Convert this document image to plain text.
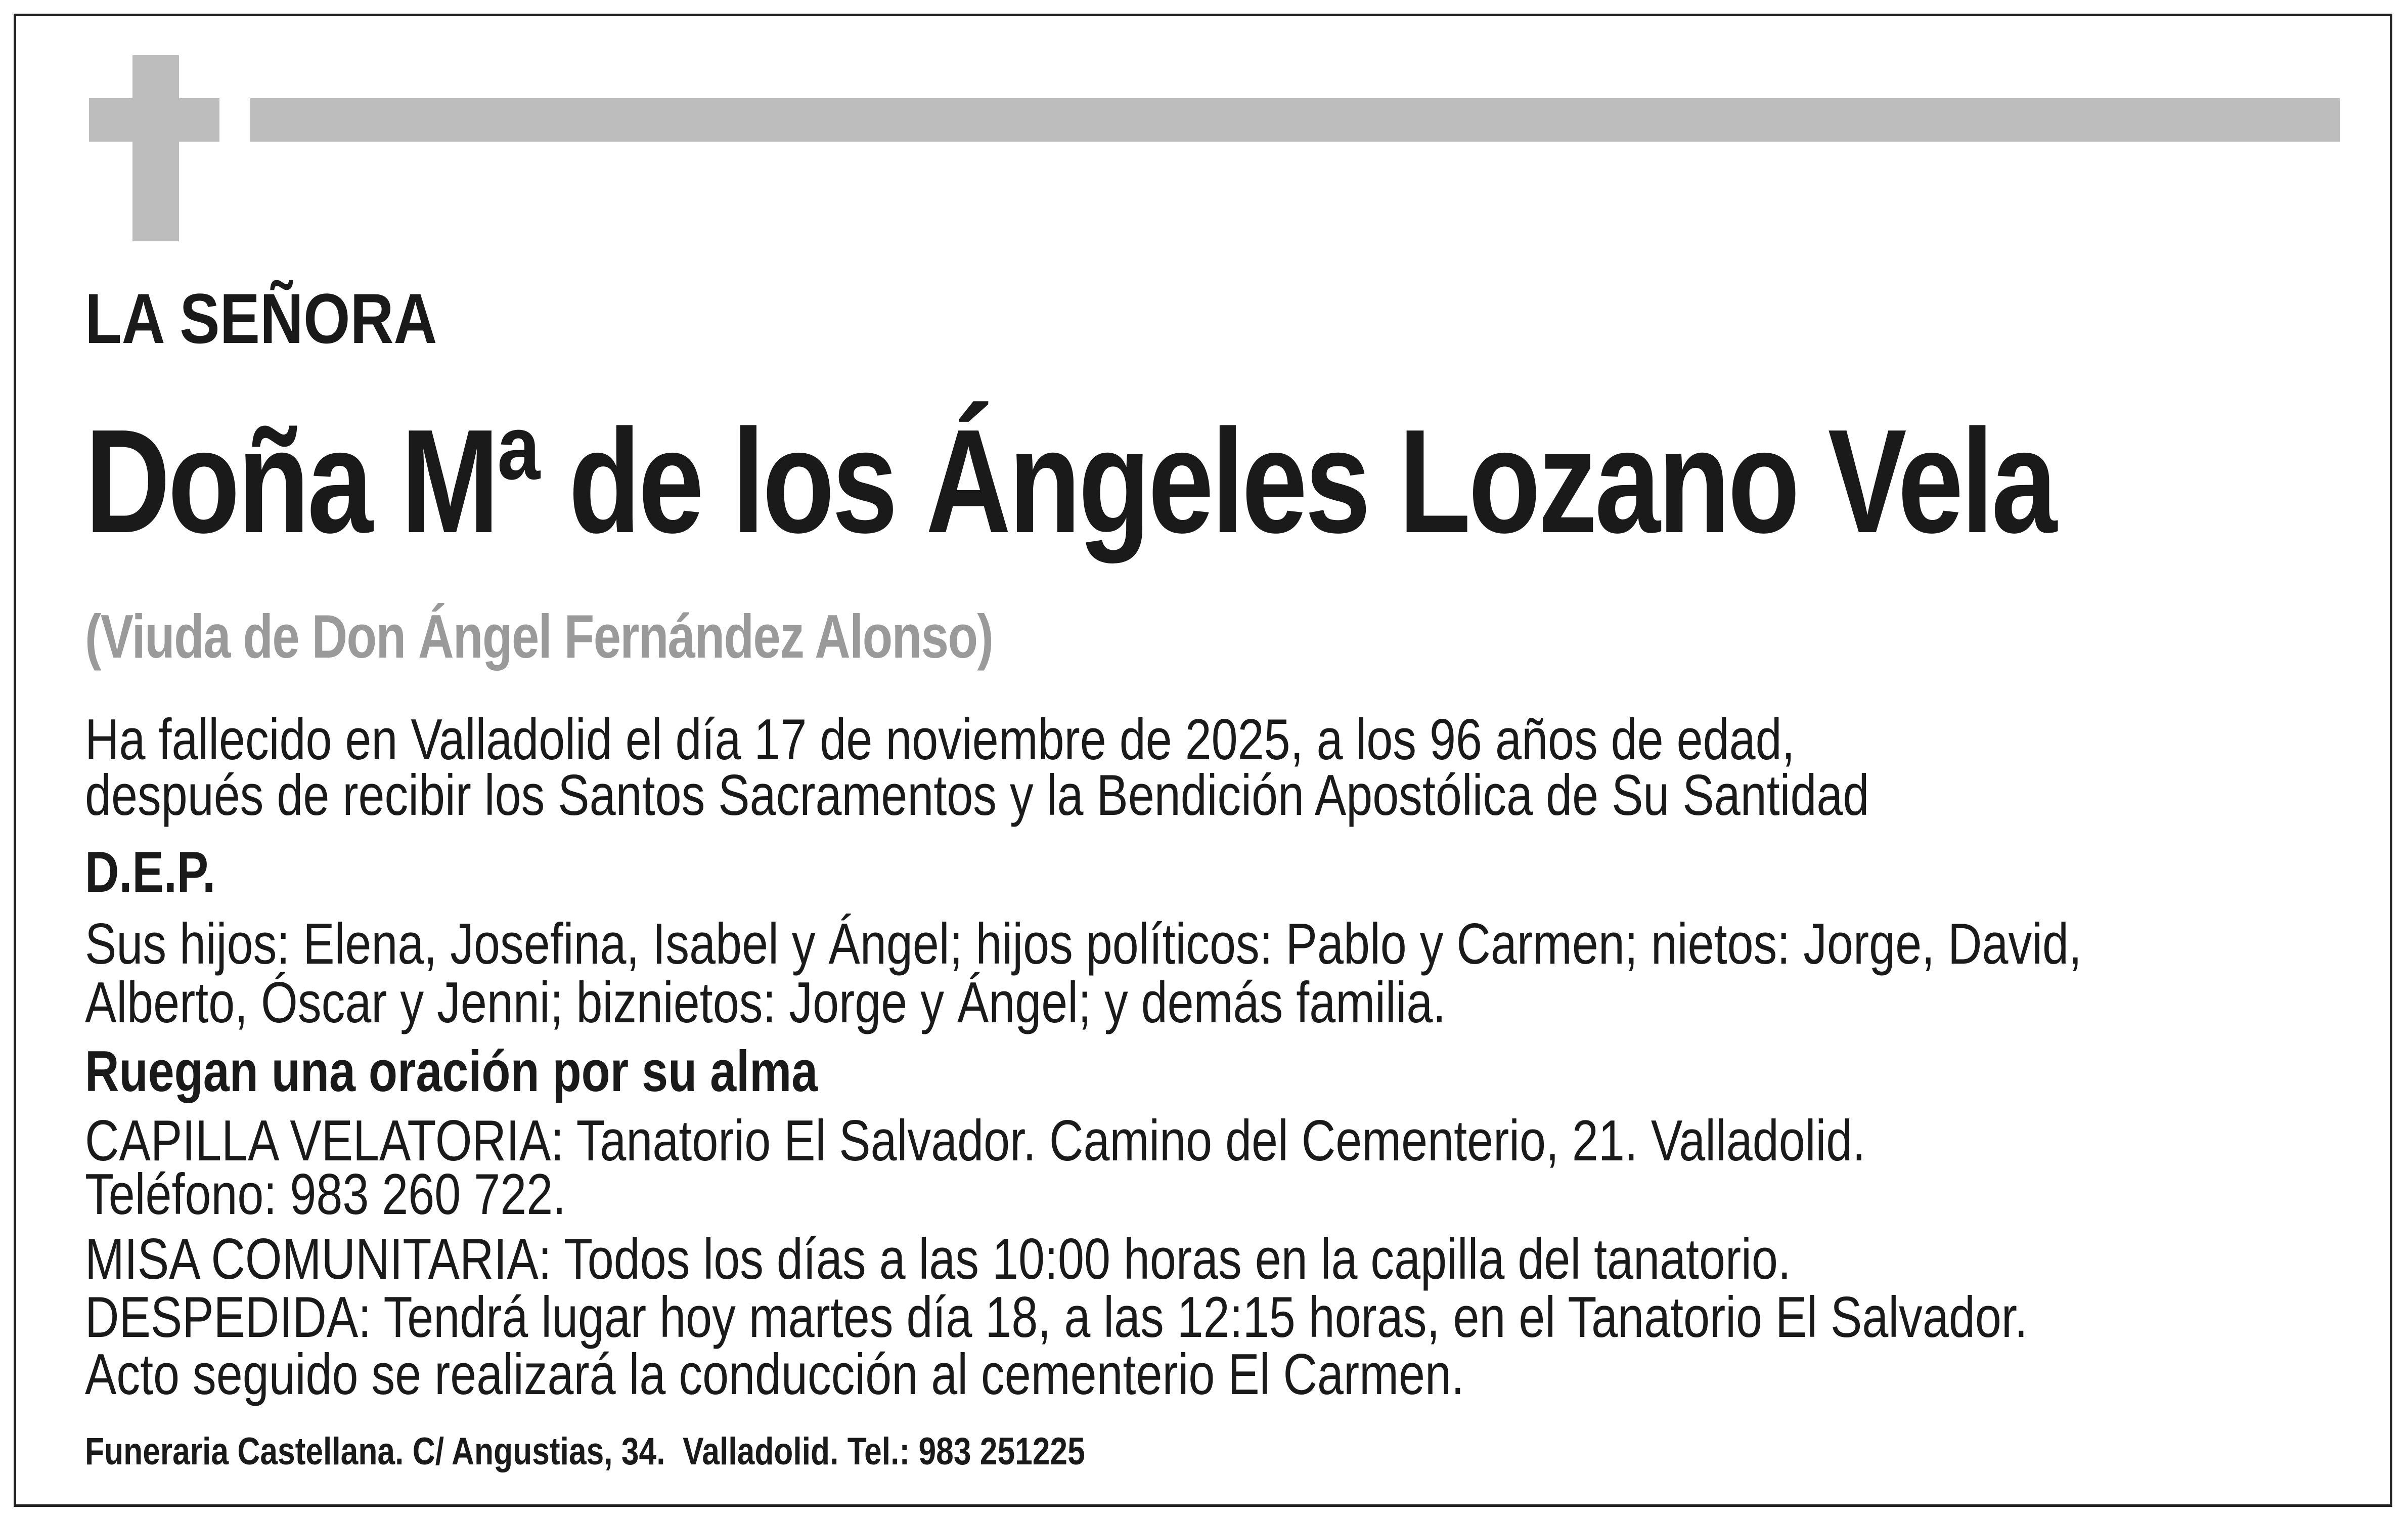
LA SEÑORA
Doña Mª de los Ángeles Lozano Vela
(Viuda de Don Ángel Fernández Alonso)
Ha fallecido en Valladolid el día 17 de noviembre de 2025, a los 96 años de edad,
después de recibir los Santos Sacramentos y la Bendición Apostólica de Su Santidad
D.E.P.
Sus hijos: Elena, Josefina, Isabel y Ángel; hijos políticos: Pablo y Carmen; nietos: Jorge, David,
Alberto, Óscar y Jenni; biznietos: Jorge y Ángel; y demás familia.
Ruegan una oración por su alma
CAPILLA VELATORIA: Tanatorio El Salvador. Camino del Cementerio, 21. Valladolid.
Teléfono: 983 260 722.
MISA COMUNITARIA: Todos los días a las 10:00 horas en la capilla del tanatorio.
DESPEDIDA: Tendrá lugar hoy martes día 18, a las 12:15 horas, en el Tanatorio El Salvador.
Acto seguido se realizará la conducción al cementerio El Carmen.
Funeraria Castellana. C/ Angustias, 34.  Valladolid. Tel.: 983 251225
